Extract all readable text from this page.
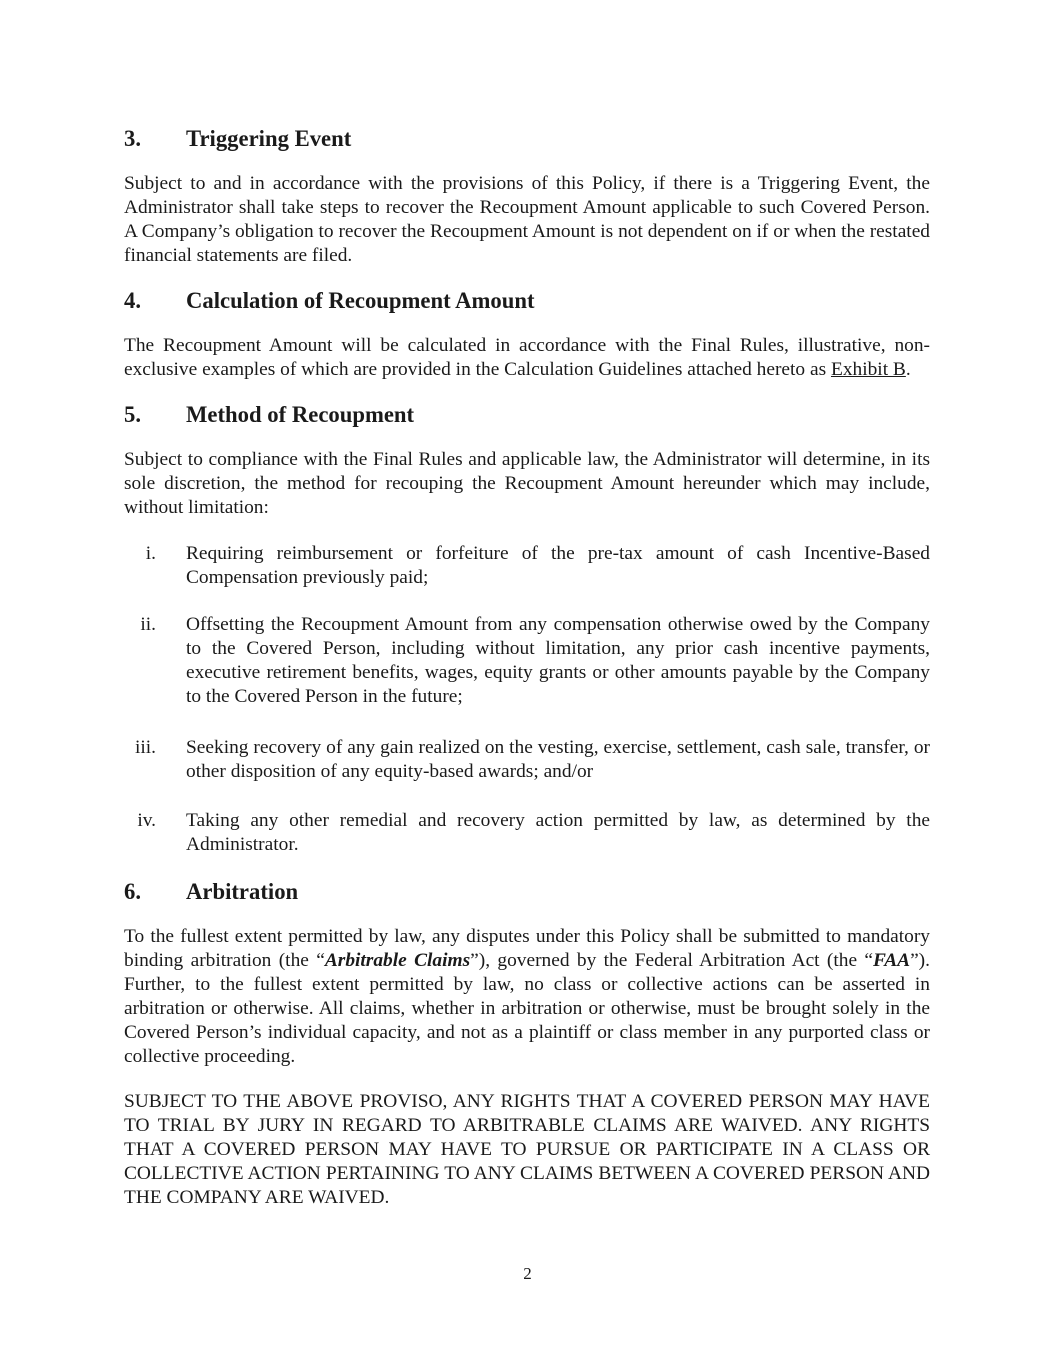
3.	Triggering Event

Subject to and in accordance with the provisions of this Policy, if there is a Triggering Event, the Administrator shall take steps to recover the Recoupment Amount applicable to such Covered Person. A Company’s obligation to recover the Recoupment Amount is not dependent on if or when the restated financial statements are filed.

4.	Calculation of Recoupment Amount

The Recoupment Amount will be calculated in accordance with the Final Rules, illustrative, non-exclusive examples of which are provided in the Calculation Guidelines attached hereto as Exhibit B.

5.	Method of Recoupment

Subject to compliance with the Final Rules and applicable law, the Administrator will determine, in its sole discretion, the method for recouping the Recoupment Amount hereunder which may include, without limitation:

i. Requiring reimbursement or forfeiture of the pre-tax amount of cash Incentive-Based Compensation previously paid;
ii. Offsetting the Recoupment Amount from any compensation otherwise owed by the Company to the Covered Person, including without limitation, any prior cash incentive payments, executive retirement benefits, wages, equity grants or other amounts payable by the Company to the Covered Person in the future;
iii. Seeking recovery of any gain realized on the vesting, exercise, settlement, cash sale, transfer, or other disposition of any equity-based awards; and/or
iv. Taking any other remedial and recovery action permitted by law, as determined by the Administrator.
6.	Arbitration

To the fullest extent permitted by law, any disputes under this Policy shall be submitted to mandatory binding arbitration (the “Arbitrable Claims”), governed by the Federal Arbitration Act (the “FAA”). Further, to the fullest extent permitted by law, no class or collective actions can be asserted in arbitration or otherwise. All claims, whether in arbitration or otherwise, must be brought solely in the Covered Person’s individual capacity, and not as a plaintiff or class member in any purported class or collective proceeding.

SUBJECT TO THE ABOVE PROVISO, ANY RIGHTS THAT A COVERED PERSON MAY HAVE TO TRIAL BY JURY IN REGARD TO ARBITRABLE CLAIMS ARE WAIVED. ANY RIGHTS THAT A COVERED PERSON MAY HAVE TO PURSUE OR PARTICIPATE IN A CLASS OR COLLECTIVE ACTION PERTAINING TO ANY CLAIMS BETWEEN A COVERED PERSON AND THE COMPANY ARE WAIVED.

2
